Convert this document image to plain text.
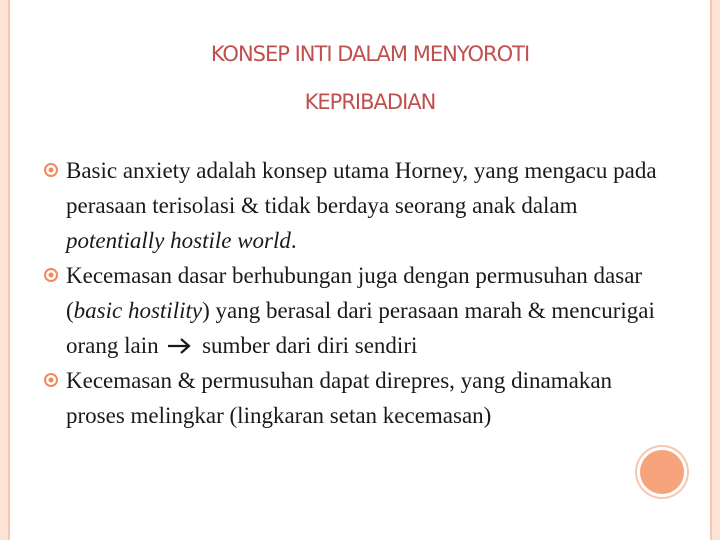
KONSEP INTI DALAM MENYOROTI
KEPRIBADIAN
Basic anxiety adalah konsep utama Horney, yang mengacu pada perasaan terisolasi & tidak berdaya seorang anak dalam potentially hostile world.
Kecemasan dasar berhubungan juga dengan permusuhan dasar (basic hostility) yang berasal dari perasaan marah & mencurigai orang lain  sumber dari diri sendiri
Kecemasan & permusuhan dapat direpres, yang dinamakan proses melingkar (lingkaran setan kecemasan)
